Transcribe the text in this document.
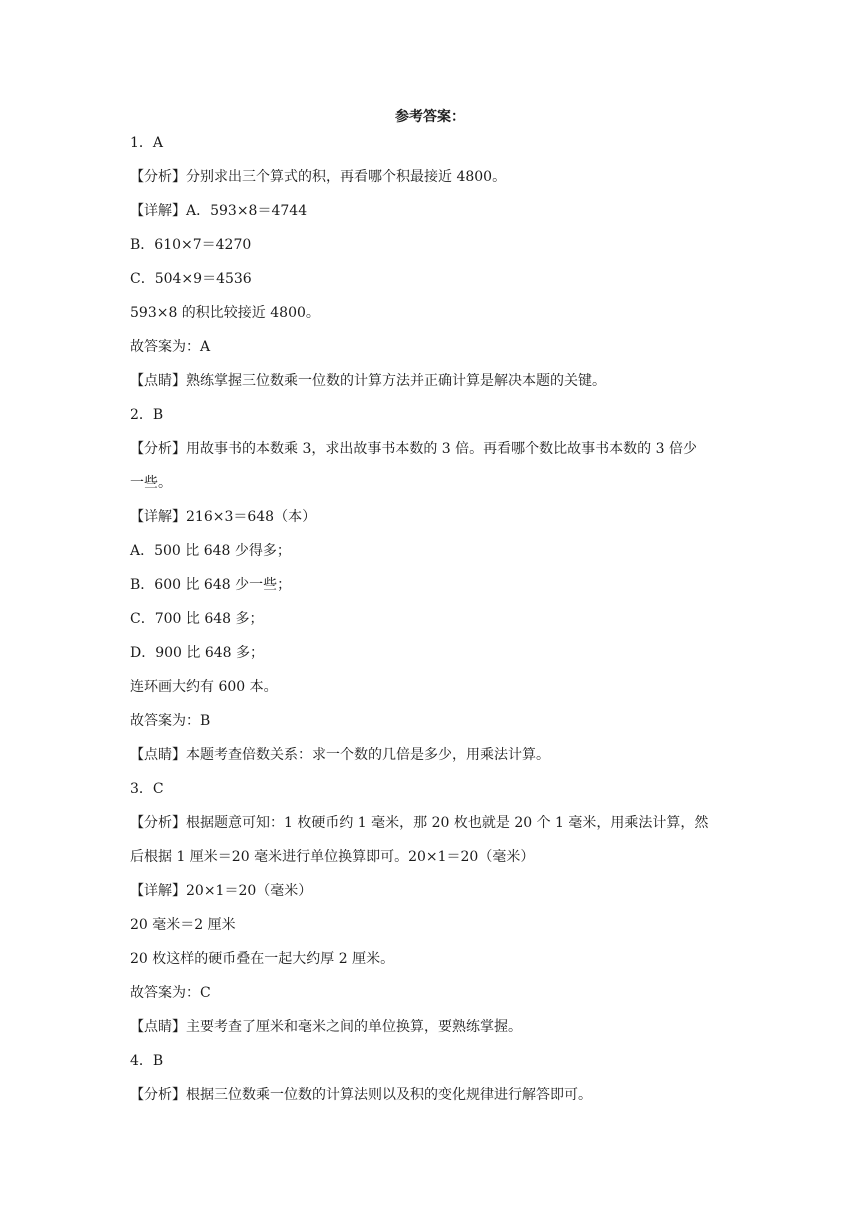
参考答案：
1．A
【分析】分别求出三个算式的积，再看哪个积最接近 4800。
【详解】A．593×8＝4744
B．610×7＝4270
C．504×9＝4536
593×8 的积比较接近 4800。
故答案为：A
【点睛】熟练掌握三位数乘一位数的计算方法并正确计算是解决本题的关键。
2．B
【分析】用故事书的本数乘 3，求出故事书本数的 3 倍。再看哪个数比故事书本数的 3 倍少
一些。
【详解】216×3＝648（本）
A．500 比 648 少得多；
B．600 比 648 少一些；
C．700 比 648 多；
D．900 比 648 多；
连环画大约有 600 本。
故答案为：B
【点睛】本题考查倍数关系：求一个数的几倍是多少，用乘法计算。
3．C
【分析】根据题意可知：1 枚硬币约 1 毫米，那 20 枚也就是 20 个 1 毫米，用乘法计算，然
后根据 1 厘米＝20 毫米进行单位换算即可。20×1＝20（毫米）
【详解】20×1＝20（毫米）
20 毫米＝2 厘米
20 枚这样的硬币叠在一起大约厚 2 厘米。
故答案为：C
【点睛】主要考查了厘米和毫米之间的单位换算，要熟练掌握。
4．B
【分析】根据三位数乘一位数的计算法则以及积的变化规律进行解答即可。
